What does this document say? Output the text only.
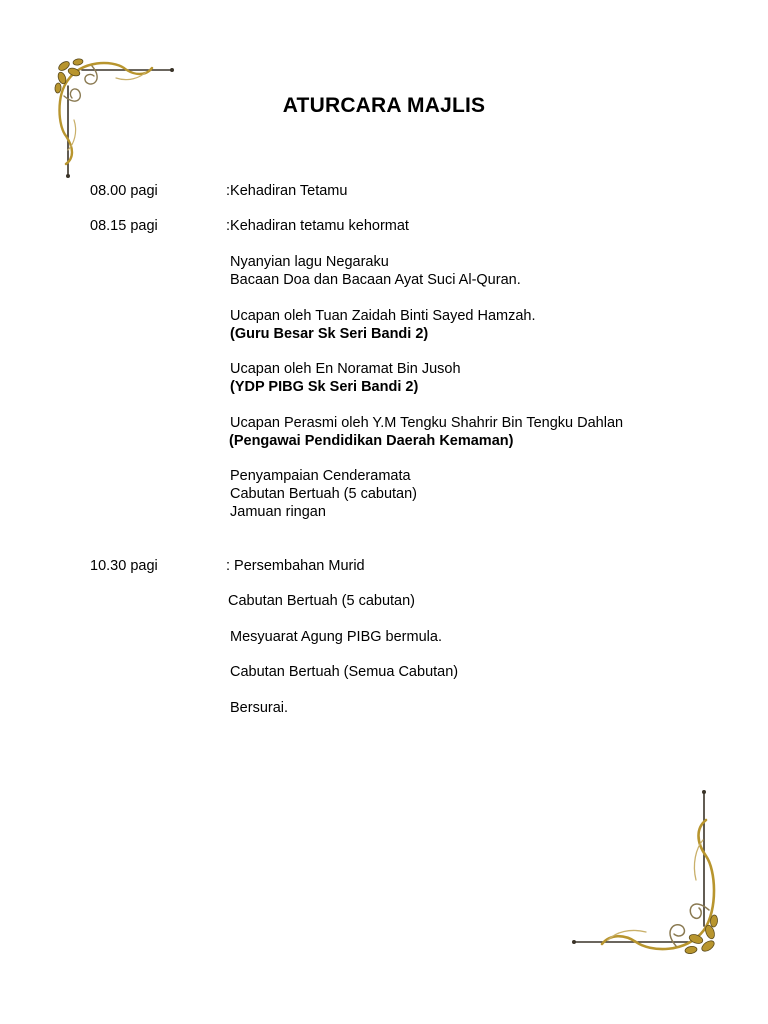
ATURCARA MAJLIS
08.00 pagi	:Kehadiran Tetamu
08.15 pagi	:Kehadiran tetamu kehormat
Nyanyian lagu Negaraku
Bacaan Doa dan Bacaan Ayat Suci Al-Quran.
Ucapan oleh Tuan Zaidah Binti Sayed Hamzah.
(Guru Besar Sk Seri Bandi 2)
Ucapan oleh En Noramat Bin Jusoh
(YDP PIBG Sk Seri Bandi 2)
Ucapan Perasmi oleh Y.M Tengku Shahrir Bin Tengku Dahlan
(Pengawai Pendidikan Daerah Kemaman)
Penyampaian Cenderamata
Cabutan Bertuah (5 cabutan)
Jamuan ringan
10.30 pagi	: Persembahan Murid
Cabutan Bertuah (5 cabutan)
Mesyuarat Agung PIBG bermula.
Cabutan Bertuah (Semua Cabutan)
Bersurai.
